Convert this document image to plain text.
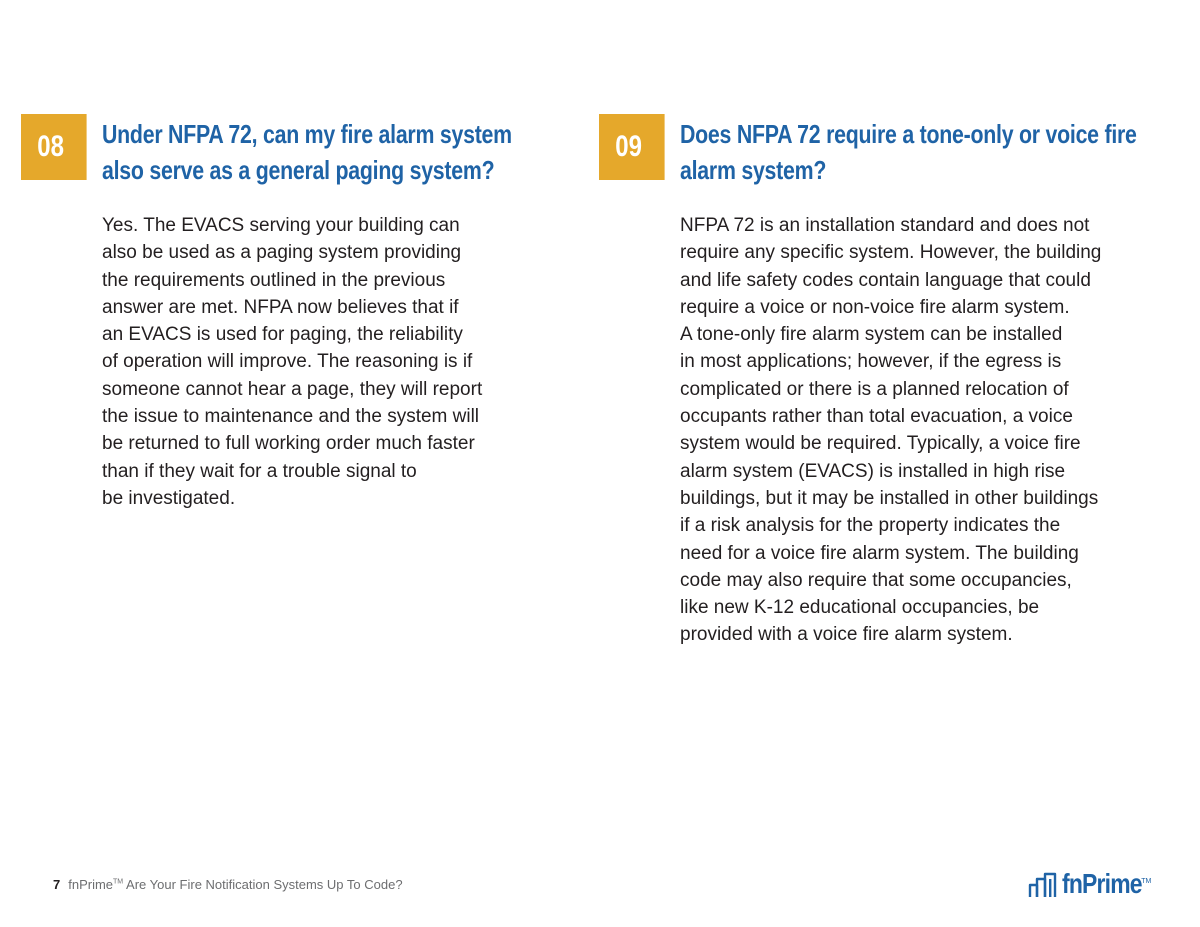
08 Under NFPA 72, can my fire alarm system
also serve as a general paging system?

Yes. The EVACS serving your building can
also be used as a paging system providing
the requirements outlined in the previous
answer are met. NFPA now believes that if
an EVACS is used for paging, the reliability
of operation will improve. The reasoning is if
someone cannot hear a page, they will report
the issue to maintenance and the system will
be returned to full working order much faster
than if they wait for a trouble signal to
be investigated.

09 Does NFPA 72 require a tone-only or voice fire
alarm system?

NFPA 72 is an installation standard and does not
require any specific system. However, the building
and life safety codes contain language that could
require a voice or non-voice fire alarm system.
A tone-only fire alarm system can be installed
in most applications; however, if the egress is
complicated or there is a planned relocation of
occupants rather than total evacuation, a voice
system would be required. Typically, a voice fire
alarm system (EVACS) is installed in high rise
buildings, but it may be installed in other buildings
if a risk analysis for the property indicates the
need for a voice fire alarm system. The building
code may also require that some occupancies,
like new K-12 educational occupancies, be
provided with a voice fire alarm system.

7 fnPrime™ Are Your Fire Notification Systems Up To Code?	fnPrime TM
